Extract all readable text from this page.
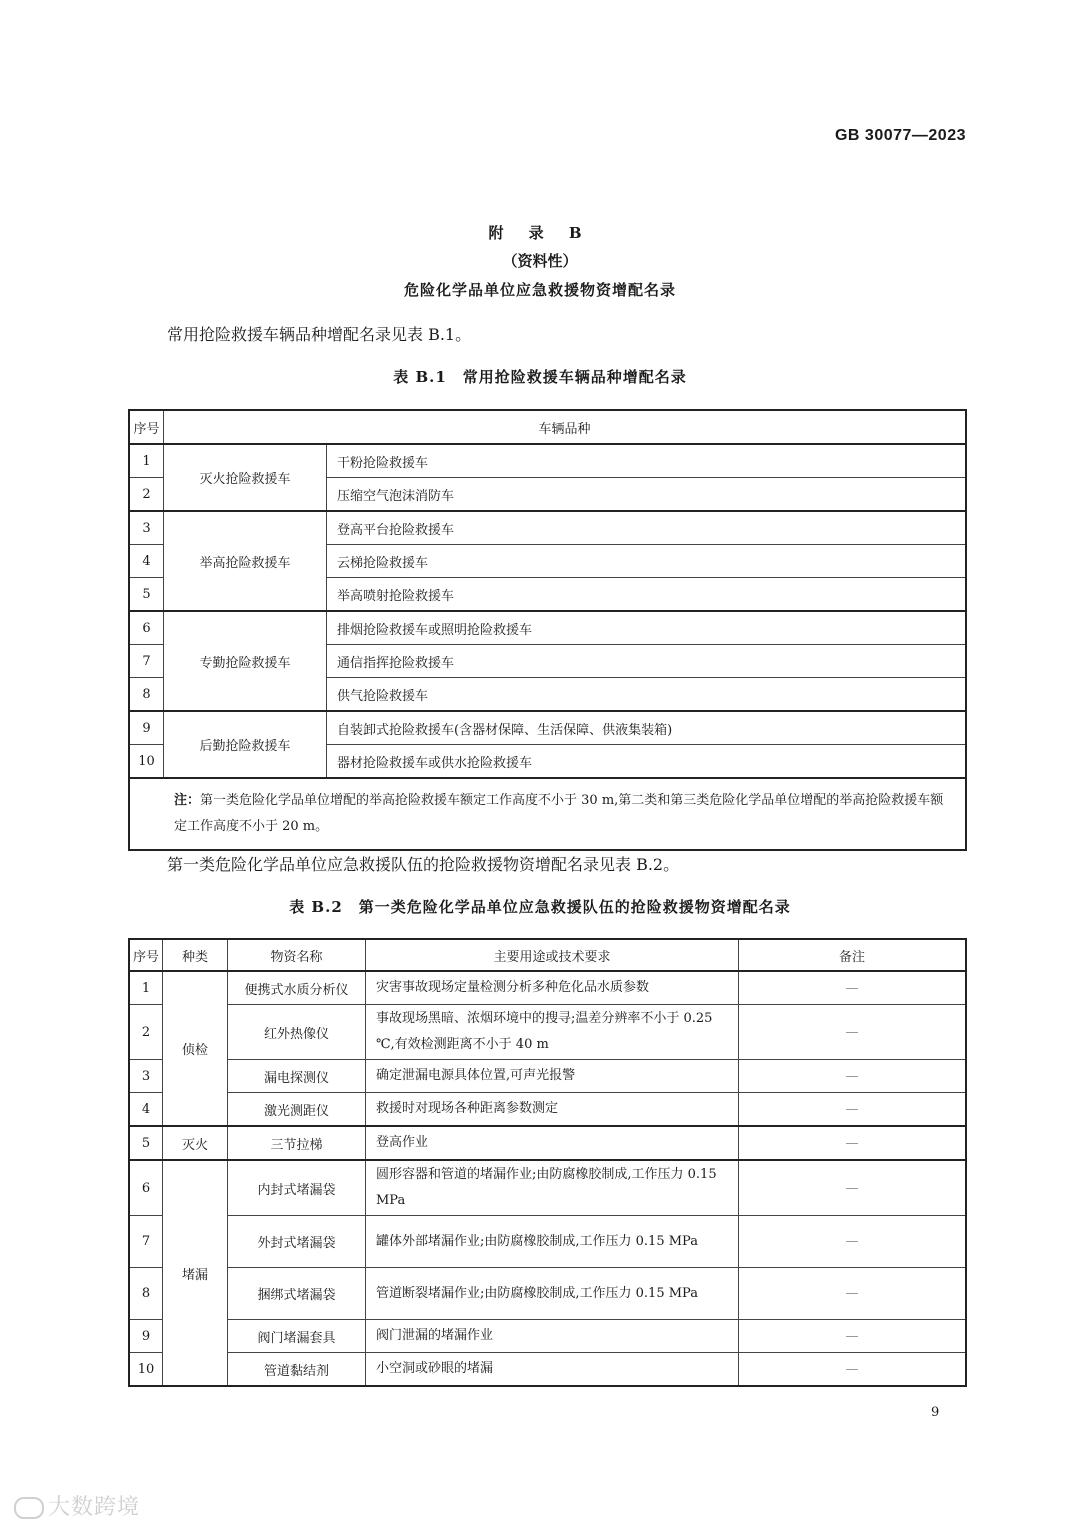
GB 30077—2023
附 录 B
（资料性）
危险化学品单位应急救援物资增配名录
常用抢险救援车辆品种增配名录见表 B.1。
表 B.1　常用抢险救援车辆品种增配名录
序号	车辆品种	
1	灭火抢险救援车	干粉抢险救援车
2		压缩空气泡沫消防车
3	举高抢险救援车	登高平台抢险救援车
4		云梯抢险救援车
5		举高喷射抢险救援车
6	专勤抢险救援车	排烟抢险救援车或照明抢险救援车
7		通信指挥抢险救援车
8		供气抢险救援车
9	后勤抢险救援车	自装卸式抢险救援车(含器材保障、生活保障、供液集装箱)
10		器材抢险救援车或供水抢险救援车
注：第一类危险化学品单位增配的举高抢险救援车额定工作高度不小于 30 m,第二类和第三类危险化学品单位增配的举高抢险救援车额定工作高度不小于 20 m。		
第一类危险化学品单位应急救援队伍的抢险救援物资增配名录见表 B.2。
表 B.2　第一类危险化学品单位应急救援队伍的抢险救援物资增配名录
序号	种类	物资名称	主要用途或技术要求	备注
1	侦检	便携式水质分析仪	灾害事故现场定量检测分析多种危化品水质参数	—
2		红外热像仪	事故现场黑暗、浓烟环境中的搜寻;温差分辨率不小于 0.25 ℃,有效检测距离不小于 40 m	—
3		漏电探测仪	确定泄漏电源具体位置,可声光报警	—
4		激光测距仪	救援时对现场各种距离参数测定	—
5	灭火	三节拉梯	登高作业	—
6	堵漏	内封式堵漏袋	圆形容器和管道的堵漏作业;由防腐橡胶制成,工作压力 0.15 MPa	—
7		外封式堵漏袋	罐体外部堵漏作业;由防腐橡胶制成,工作压力 0.15 MPa	—
8		捆绑式堵漏袋	管道断裂堵漏作业;由防腐橡胶制成,工作压力 0.15 MPa	—
9		阀门堵漏套具	阀门泄漏的堵漏作业	—
10		管道黏结剂	小空洞或砂眼的堵漏	—
9
大数跨境
